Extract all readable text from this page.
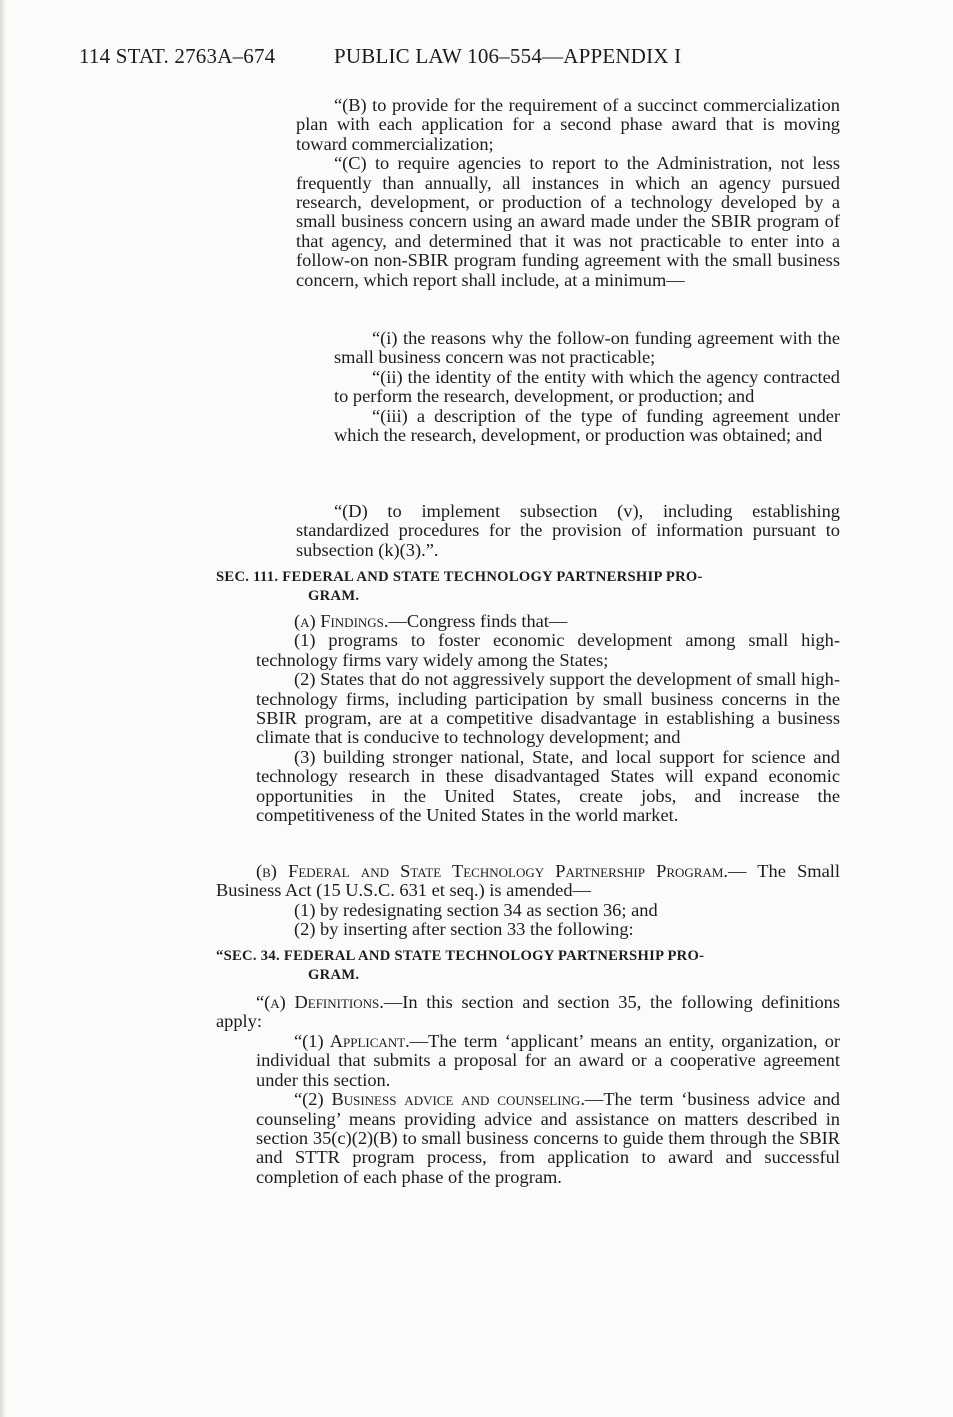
114 STAT. 2763A–674	PUBLIC LAW 106–554—APPENDIX I

“(B) to provide for the requirement of a succinct commercialization plan with each application for a second phase award that is moving toward commercialization;

“(C) to require agencies to report to the Administration, not less frequently than annually, all instances in which an agency pursued research, development, or production of a technology developed by a small business concern using an award made under the SBIR program of that agency, and determined that it was not practicable to enter into a follow-on non-SBIR program funding agreement with the small business concern, which report shall include, at a minimum—

“(i) the reasons why the follow-on funding agreement with the small business concern was not practicable;

“(ii) the identity of the entity with which the agency contracted to perform the research, development, or production; and

“(iii) a description of the type of funding agreement under which the research, development, or production was obtained; and

“(D) to implement subsection (v), including establishing standardized procedures for the provision of information pursuant to subsection (k)(3).”.

SEC. 111. FEDERAL AND STATE TECHNOLOGY PARTNERSHIP PRO-
GRAM.

(a) Findings.—Congress finds that—

(1) programs to foster economic development among small high-technology firms vary widely among the States;

(2) States that do not aggressively support the development of small high-technology firms, including participation by small business concerns in the SBIR program, are at a competitive disadvantage in establishing a business climate that is conducive to technology development; and

(3) building stronger national, State, and local support for science and technology research in these disadvantaged States will expand economic opportunities in the United States, create jobs, and increase the competitiveness of the United States in the world market.

(b) Federal and State Technology Partnership Program.— The Small Business Act (15 U.S.C. 631 et seq.) is amended—

(1) by redesignating section 34 as section 36; and

(2) by inserting after section 33 the following:

“SEC. 34. FEDERAL AND STATE TECHNOLOGY PARTNERSHIP PRO-
GRAM.

“(a) Definitions.—In this section and section 35, the following definitions apply:

“(1) Applicant.—The term ‘applicant’ means an entity, organization, or individual that submits a proposal for an award or a cooperative agreement under this section.

“(2) Business advice and counseling.—The term ‘business advice and counseling’ means providing advice and assistance on matters described in section 35(c)(2)(B) to small business concerns to guide them through the SBIR and STTR program process, from application to award and successful completion of each phase of the program.
